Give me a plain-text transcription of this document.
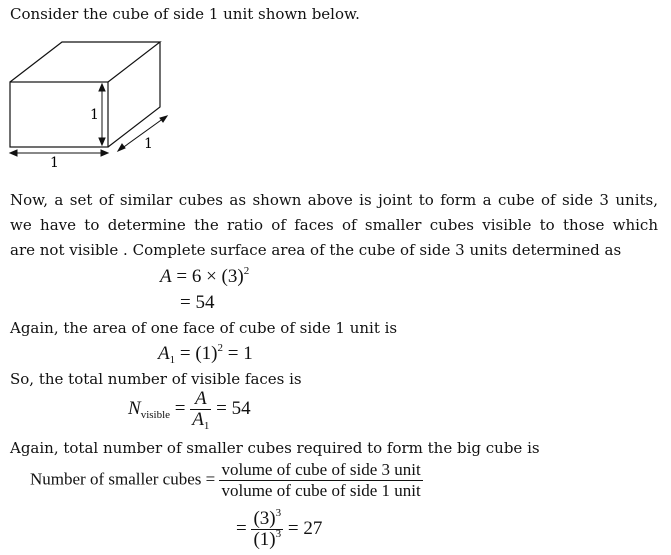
Consider the cube of side 1 unit shown below.
1
1
1
Now, a set of similar cubes as shown above is joint to form a cube of side 3 units,
we have to determine the ratio of faces of smaller cubes visible to those which
are not visible . Complete surface area of the cube of side 3 units determined as
$A = 6 \times (3)^2$
= 54
Again, the area of one face of cube of side 1 unit is
$A_1 = (1)^2 = 1$
So, the total number of visible faces is
$N_{visible} = \frac{A}{A_1} = 54$
Again, total number of smaller cubes required to form the big cube is
Number of smaller cubes = $\frac{\text{volume of cube of side 3 unit}}{\text{volume of cube of side 1 unit}}$
= $\frac{(3)^3}{(1)^3} = 27$
